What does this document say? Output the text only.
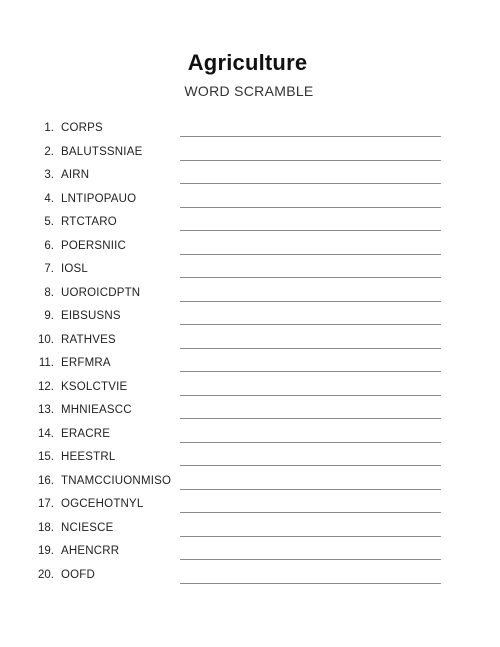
Agriculture
WORD SCRAMBLE
1. CORPS
2. BALUTSSNIAE
3. AIRN
4. LNTIPOPAUO
5. RTCTARO
6. POERSNIIC
7. IOSL
8. UOROICDPTN
9. EIBSUSNS
10. RATHVES
11. ERFMRA
12. KSOLCTVIE
13. MHNIEASCC
14. ERACRE
15. HEESTRL
16. TNAMCCIUONMISO
17. OGCEHOTNYL
18. NCIESCE
19. AHENCRR
20. OOFD
